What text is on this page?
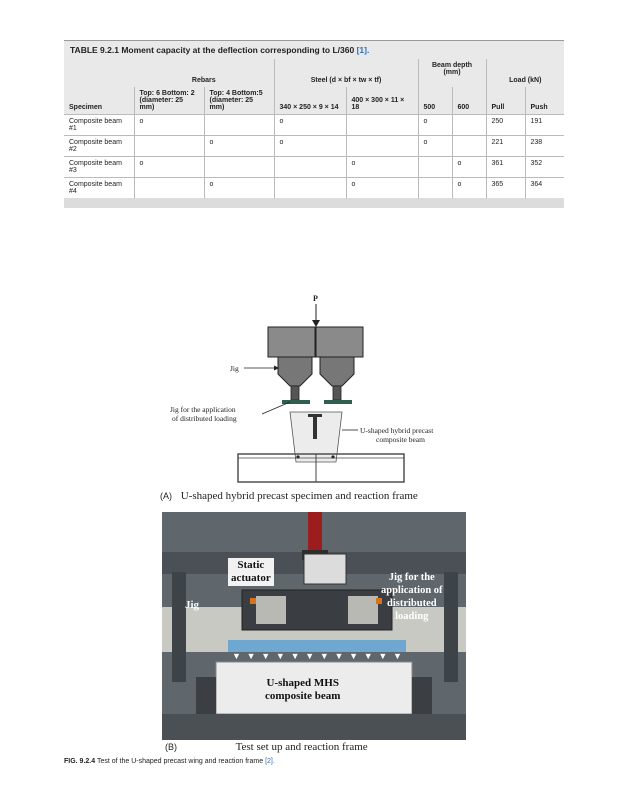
TABLE 9.2.1 Moment capacity at the deflection corresponding to L/360 [1].
	Rebars		Steel (d × bf × tw × tf)		Beam depth (mm)		Load (kN)	
Specimen	Top: 6 Bottom: 2 (diameter: 25 mm)	Top: 4 Bottom:5 (diameter: 25 mm)	340 × 250 × 9 × 14	400 × 300 × 11 × 18	500	600	Pull	Push
Composite beam #1	o		o		o		250	191
Composite beam #2		o	o		o		221	238
Composite beam #3	o			o		o	361	352
Composite beam #4		o		o		o	365	364
P
Jig
Jig for the application
of distributed loading
U-shaped hybrid precast
composite beam
(A) U-shaped hybrid precast specimen and reaction frame
▼ ▼ ▼ ▼ ▼ ▼ ▼ ▼ ▼ ▼ ▼ ▼
Static
actuator
Jig
Jig for the
application of
distributed
loading
U-shaped MHS
composite beam
(B)	Test set up and reaction frame
FIG. 9.2.4 Test of the U-shaped precast wing and reaction frame [2].
